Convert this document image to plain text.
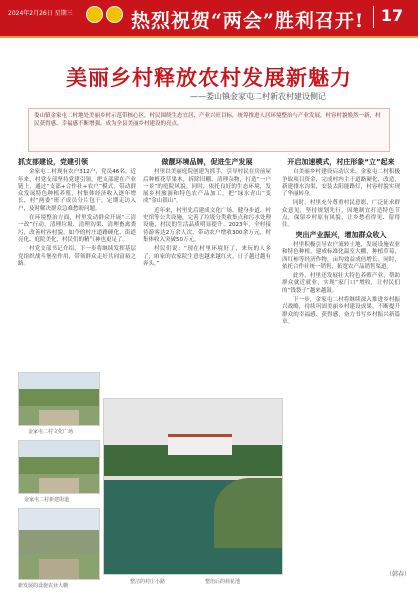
2024年2月26日 星期三	热烈祝贺“两会”胜利召开!	17
美丽乡村释放农村发展新魅力
——娄山镇金家屯二村新农村建设侧记
娄山镇金家屯二村地处美丽乡村示范带核心区，村民围绕生态宜居、产业兴旺目标，统筹推进人居环境整治与产业发展，村容村貌焕然一新，村民获得感、幸福感不断增强，成为全县美丽乡村建设的亮点。
抓支部建设，党建引领

金家屯二村现有农户312户，党员46名。近年来，村党支部坚持党建引领，把支部建在产业链上，通过“支部+合作社+农户”模式，带动群众发展特色种植养殖，村集体经济收入逐年增长，村“两委”班子成员分片包干，定期走访入户，及时解决群众急难愁盼问题。

在环境整治方面，村里发动群众开展“三清一改”行动，清理垃圾、清理沟渠、清理畜禽粪污，改善村容村貌。如今的村庄道路硬化、街道亮化、庭院美化，村民们的精气神也更足了。

村党支部书记介绍，下一步将继续发挥基层党组织战斗堡垒作用，带领群众走好共同富裕之路。

做靓环境品牌，促进生产发展

村里以美丽庭院创建为抓手，引导村民在房前屋后种植花草果木，拆除旧棚、清理杂物，打造“一户一景”的庭院风貌。同时，依托良好的生态环境，发展乡村旅游和特色农产品加工，把“绿水青山”变成“金山银山”。

近年来，村里先后建成文化广场、健身步道、村史馆等公共设施，完善了垃圾分类收集点和污水处理设施，村民的生活品质明显提升。2023年，全村接待游客达2万余人次，带动农户增收300余万元，村集体收入突破50万元。

村民们说：“现在村里环境好了，来玩的人多了，咱家的农家院生意也越来越红火，日子越过越有奔头。”

开启加速模式，村庄形象“立”起来

自美丽乡村建设启动以来，金家屯二村积极争取项目资金，完成村内主干道路硬化、改造，新建排水沟渠，安装太阳能路灯，村容村貌实现了华丽转身。

同时，村里充分尊重村民意愿，广泛征求群众意见，坚持规划先行，因地制宜打造特色节点，保留乡村原有风貌，让乡愁看得见、留得住。

突出产业振兴，增加群众收入

村里积极引导农户流转土地，发展设施农业和特色种植，建成标准化温室大棚，种植草莓、西红柿等经济作物，亩均效益成倍增长。同时，依托合作社统一销售，拓宽农产品销售渠道。

此外，村里还发展壮大特色养殖产业，帮助群众就近就业，实现“家门口”增收，让村民们的“钱袋子”越来越鼓。

下一步，金家屯二村将继续深入推进乡村振兴战略，持续巩固美丽乡村建设成果，不断提升群众的幸福感、获得感，奋力书写乡村振兴新篇章。

（韩春）
金家屯二村文化广场
金家屯二村新建街道
新发展的设施农业大棚
整洁的村庄小路	整治后的荷花池
